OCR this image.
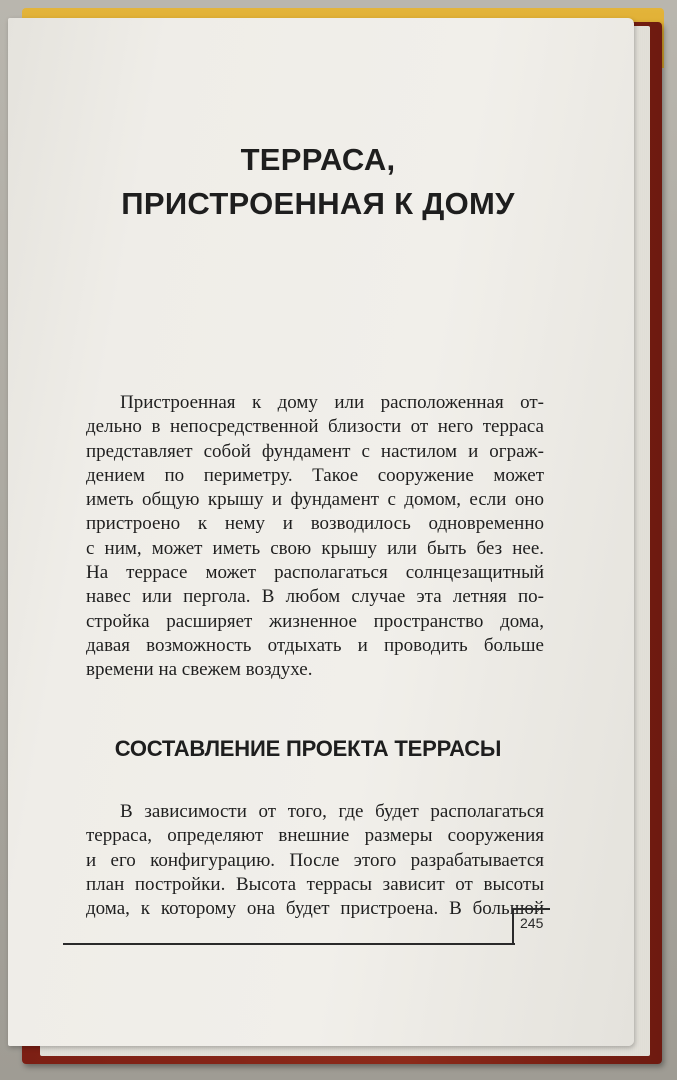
ТЕРРАСА,
ПРИСТРОЕННАЯ К ДОМУ
Пристроенная к дому или расположенная от-
дельно в непосредственной близости от него терраса
представляет собой фундамент с настилом и ограж-
дением по периметру. Такое сооружение может
иметь общую крышу и фундамент с домом, если оно
пристроено к нему и возводилось одновременно
с ним, может иметь свою крышу или быть без нее.
На террасе может располагаться солнцезащитный
навес или пергола. В любом случае эта летняя по-
стройка расширяет жизненное пространство дома,
давая возможность отдыхать и проводить больше
времени на свежем воздухе.
СОСТАВЛЕНИЕ ПРОЕКТА ТЕРРАСЫ
В зависимости от того, где будет располагаться
терраса, определяют внешние размеры сооружения
и его конфигурацию. После этого разрабатывается
план постройки. Высота террасы зависит от высоты
дома, к которому она будет пристроена. В большой
245
